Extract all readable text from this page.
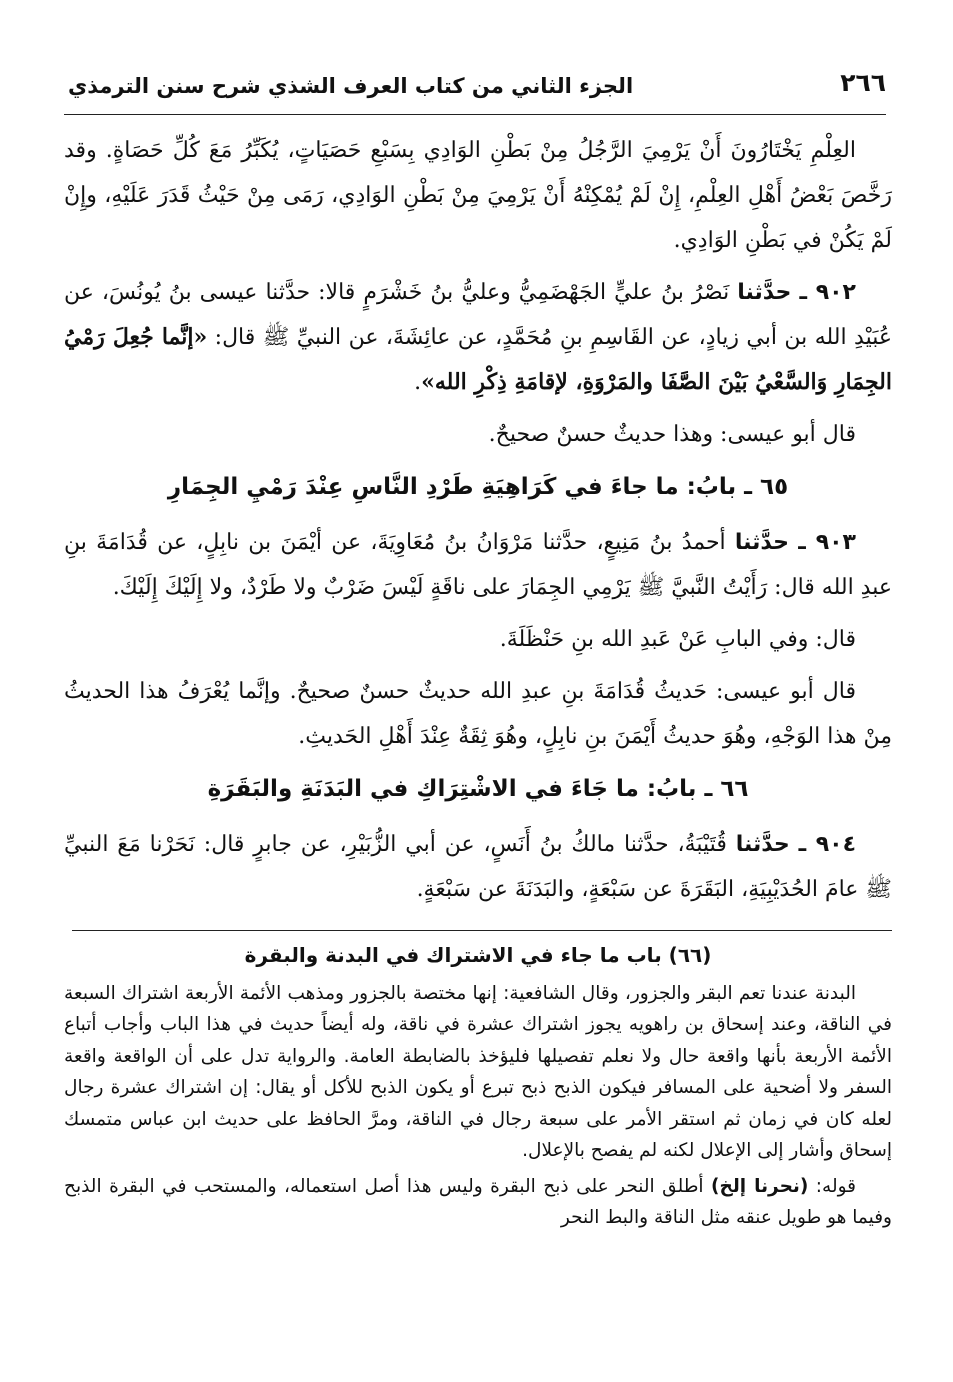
٢٦٦
الجزء الثاني من كتاب العرف الشذي شرح سنن الترمذي

العِلْمِ يَخْتَارُونَ أَنْ يَرْمِيَ الرَّجُلُ مِنْ بَطْنِ الوَادِي بِسَبْعِ حَصَيَاتٍ، يُكَبِّرُ مَعَ كُلِّ حَصَاةٍ. وقد رَخَّصَ بَعْضُ أَهْلِ العِلْمِ، إِنْ لَمْ يُمْكِنْهُ أَنْ يَرْمِيَ مِنْ بَطْنِ الوَادِي، رَمَى مِنْ حَيْثُ قَدَرَ عَلَيْهِ، وإِنْ لَمْ يَكُنْ في بَطْنِ الوَادِي.

٩٠٢ ـ حدَّثنا نَصْرُ بنُ عليٍّ الجَهْضَمِيُّ وعليُّ بنُ خَشْرَمٍ قالا: حدَّثنا عيسى بنُ يُونُسَ، عن عُبَيْدِ الله بن أبي زيادٍ، عن القَاسِمِ بنِ مُحَمَّدٍ، عن عائِشَةَ، عن النبيِّ ﷺ قال: «إنَّما جُعِلَ رَمْيُ الجِمَارِ وَالسَّعْيُ بَيْنَ الصَّفَا والمَرْوَةِ، لإقامَةِ ذِكْرِ الله».

قال أبو عيسى: وهذا حديثٌ حسنٌ صحيحٌ.

٦٥ ـ بابُ: ما جاءَ في كَرَاهِيَةِ طَرْدِ النَّاسِ عِنْدَ رَمْيِ الجِمَارِ

٩٠٣ ـ حدَّثنا أحمدُ بنُ مَنِيعٍ، حدَّثنا مَرْوَانُ بنُ مُعَاوِيَةَ، عن أيْمَنَ بن نابِلٍ، عن قُدَامَةَ بنِ عبدِ الله قال: رَأَيْتُ النَّبيَّ ﷺ يَرْمِي الجِمَارَ على ناقَةٍ لَيْسَ ضَرْبٌ ولا طَرْدٌ، ولا إِلَيْكَ إِلَيْكَ.

قال: وفي البابِ عَنْ عَبدِ الله بنِ حَنْظَلَةَ.

قال أبو عيسى: حَديثُ قُدَامَةَ بنِ عبدِ الله حديثٌ حسنٌ صحيحٌ. وإنَّما يُعْرَفُ هذا الحديثُ مِنْ هذا الوَجْهِ، وهُوَ حديثُ أَيْمَنَ بنِ نابِلٍ، وهُوَ ثِقَةٌ عِنْدَ أَهْلِ الحَديثِ.

٦٦ ـ بابُ: ما جَاءَ في الاشْتِرَاكِ في البَدَنَةِ والبَقَرَةِ

٩٠٤ ـ حدَّثنا قُتَيْبَةُ، حدَّثنا مالكُ بنُ أَنَسٍ، عن أبي الزُّبَيْرِ، عن جابرٍ قال: نَحَرْنا مَعَ النبيِّ ﷺ عامَ الحُدَيْبِيَةِ، البَقَرَةَ عن سَبْعَةٍ، والبَدَنَةَ عن سَبْعَةٍ.

(٦٦) باب ما جاء في الاشتراك في البدنة والبقرة

البدنة عندنا تعم البقر والجزور، وقال الشافعية: إنها مختصة بالجزور ومذهب الأئمة الأربعة اشتراك السبعة في الناقة، وعند إسحاق بن راهويه يجوز اشتراك عشرة في ناقة، وله أيضاً حديث في هذا الباب وأجاب أتباع الأئمة الأربعة بأنها واقعة حال ولا نعلم تفصيلها فليؤخذ بالضابطة العامة. والرواية تدل على أن الواقعة واقعة السفر ولا أضحية على المسافر فيكون الذبح ذبح تبرع أو يكون الذبح للأكل أو يقال: إن اشتراك عشرة رجال لعله كان في زمان ثم استقر الأمر على سبعة رجال في الناقة، ومرَّ الحافظ على حديث ابن عباس متمسك إسحاق وأشار إلى الإعلال لكنه لم يفصح بالإعلال.

قوله: (نحرنا إلخ) أطلق النحر على ذبح البقرة وليس هذا أصل استعماله، والمستحب في البقرة الذبح وفيما هو طويل عنقه مثل الناقة والبط النحر
